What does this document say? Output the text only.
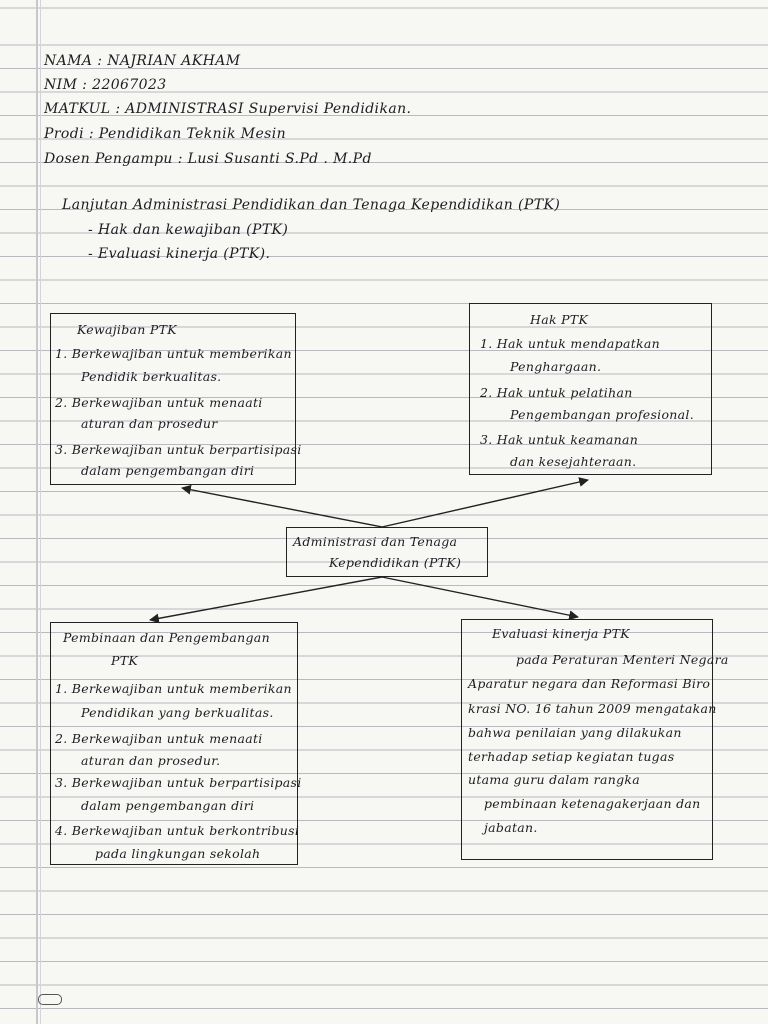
NAMA : NAJRIAN AKHAM
NIM : 22067023
MATKUL : ADMINISTRASI Supervisi Pendidikan.
Prodi : Pendidikan Teknik Mesin
Dosen Pengampu : Lusi Susanti S.Pd . M.Pd
Lanjutan Administrasi Pendidikan dan Tenaga Kependidikan (PTK)
- Hak dan kewajiban (PTK)
- Evaluasi kinerja (PTK).
Kewajiban PTK
1. Berkewajiban untuk memberikan
Pendidik berkualitas.
2. Berkewajiban untuk menaati
aturan dan prosedur
3. Berkewajiban untuk berpartisipasi
dalam pengembangan diri
Hak PTK
1. Hak untuk mendapatkan
Penghargaan.
2. Hak untuk pelatihan
Pengembangan profesional.
3. Hak untuk keamanan
dan kesejahteraan.
Administrasi dan Tenaga
Kependidikan (PTK)
Pembinaan dan Pengembangan
PTK
1. Berkewajiban untuk memberikan
Pendidikan yang berkualitas.
2. Berkewajiban untuk menaati
aturan dan prosedur.
3. Berkewajiban untuk berpartisipasi
dalam pengembangan diri
4. Berkewajiban untuk berkontribusi
pada lingkungan sekolah
Evaluasi kinerja PTK
pada Peraturan Menteri Negara
Aparatur negara dan Reformasi Biro
krasi NO. 16 tahun 2009 mengatakan
bahwa penilaian yang dilakukan
terhadap setiap kegiatan tugas
utama guru dalam rangka
pembinaan ketenagakerjaan dan
jabatan.
